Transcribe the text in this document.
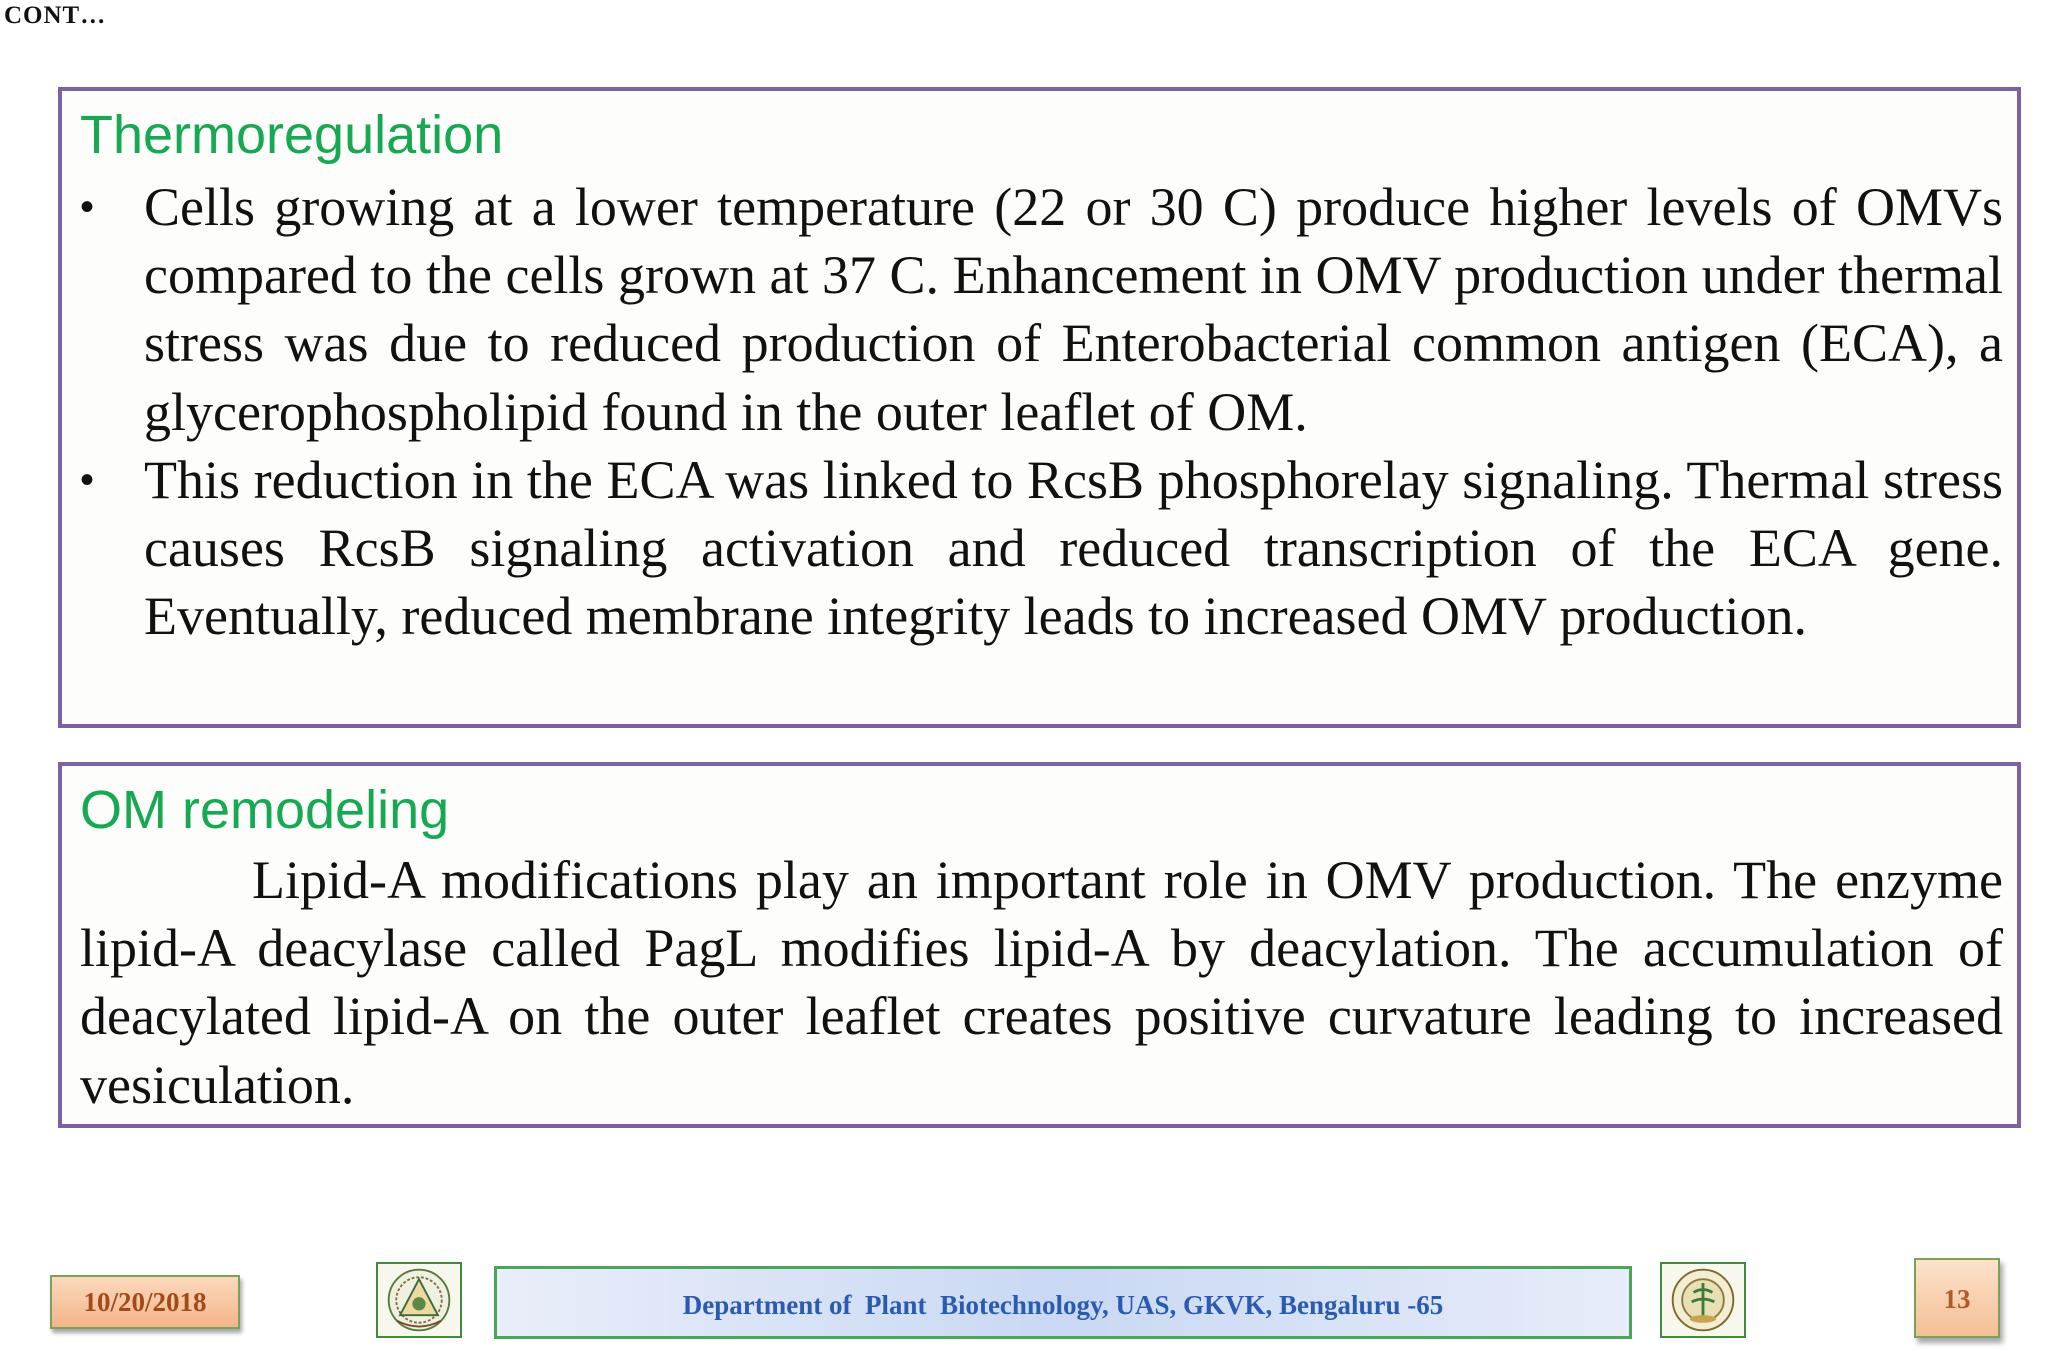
CONT…
Thermoregulation
• Cells growing at a lower temperature (22 or 30 C) produce higher levels of OMVs compared to the cells grown at 37 C. Enhancement in OMV production under thermal stress was due to reduced production of Enterobacterial common antigen (ECA), a glycerophospholipid found in the outer leaflet of OM.
• This reduction in the ECA was linked to RcsB phosphorelay signaling. Thermal stress causes RcsB signaling activation and reduced transcription of the ECA gene. Eventually, reduced membrane integrity leads to increased OMV production.
OM remodeling

Lipid-A modifications play an important role in OMV production. The enzyme lipid-A deacylase called PagL modifies lipid-A by deacylation. The accumulation of deacylated lipid-A on the outer leaflet creates positive curvature leading to increased vesiculation.

10/20/2018	Department of  Plant  Biotechnology, UAS, GKVK, Bengaluru -65	13
